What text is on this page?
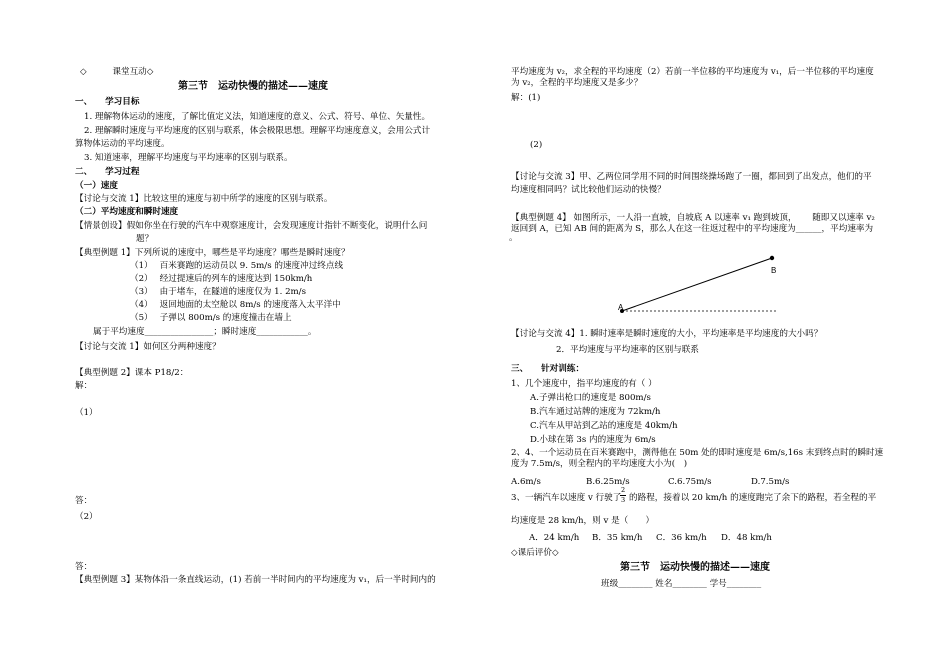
◇　　　课堂互动◇
第三节　运动快慢的描述——速度
一、　　学习目标
1. 理解物体运动的速度，了解比值定义法，知道速度的意义、公式、符号、单位、矢量性。
2. 理解瞬时速度与平均速度的区别与联系，体会极限思想。理解平均速度意义，会用公式计
算物体运动的平均速度。
3. 知道速率，理解平均速度与平均速率的区别与联系。
二、　　学习过程
（一）速度
【讨论与交流 1】比较这里的速度与初中所学的速度的区别与联系。
（二）平均速度和瞬时速度
【情景创设】假如你坐在行驶的汽车中观察速度计，会发现速度计指针不断变化，说明什么问
题？
【典型例题 1】下列所说的速度中，哪些是平均速度？哪些是瞬时速度？
（1）　 百米赛跑的运动员以 9. 5m/s 的速度冲过终点线
（2）　 经过提速后的列车的速度达到 150km/h
（3）　 由于堵车，在隧道的速度仅为 1. 2m/s
（4）　 返回地面的太空舱以 8m/s 的速度落入太平洋中
（5）　 子弹以 800m/s 的速度撞击在墙上
属于平均速度________________；瞬时速度____________。
【讨论与交流 1】如何区分两种速度？
【典型例题 2】课本 P18/2：
解：
（1）
答：
（2）
答：
【典型例题 3】某物体沿一条直线运动，(1) 若前一半时间内的平均速度为 v₁，后一半时间内的
平均速度为 v₂，求全程的平均速度（2）若前一半位移的平均速度为 v₁，后一半位移的平均速度
为 v₂，全程的平均速度又是多少？
解：(1)
(2)
【讨论与交流 3】甲、乙两位同学用不同的时间围绕操场跑了一圈，都回到了出发点，他们的平
均速度相同吗？试比较他们运动的快慢？
【典型例题 4】 如图所示，一人沿一直坡，自坡底 A 以速率 v₁ 跑到坡顶，　　 随即又以速率 v₂
返回到 A，已知 AB 间的距离为 S，那么人在这一往返过程中的平均速度为______，平均速率为
。
A
B
【讨论与交流 4】1. 瞬时速率是瞬时速度的大小，平均速率是平均速度的大小吗？
2．平均速度与平均速率的区别与联系
三、　　针对训练：
1、几个速度中，指平均速度的有（ ）
A.子弹出枪口的速度是 800m/s
B.汽车通过站牌的速度为 72km/h
C.汽车从甲站到乙站的速度是 40km/h
D.小球在第 3s 内的速度为 6m/s
2、4、一个运动员在百米赛跑中，测得他在 50m 处的即时速度是 6m/s,16s 末到终点时的瞬时速
度为 7.5m/s，则全程内的平均速度大小为(　)
A.6m/s	B.6.25m/s	C.6.75m/s	D.7.5m/s
3、一辆汽车以速度 v 行驶了
2
3 的路程，接着以 20 km/h 的速度跑完了余下的路程，若全程的平
均速度是 28 km/h，则 v 是（　　）
A．24 km/h B．35 km/h C．36 km/h D．48 km/h
◇课后评价◇
第三节　运动快慢的描述——速度
班级________ 姓名________ 学号________
